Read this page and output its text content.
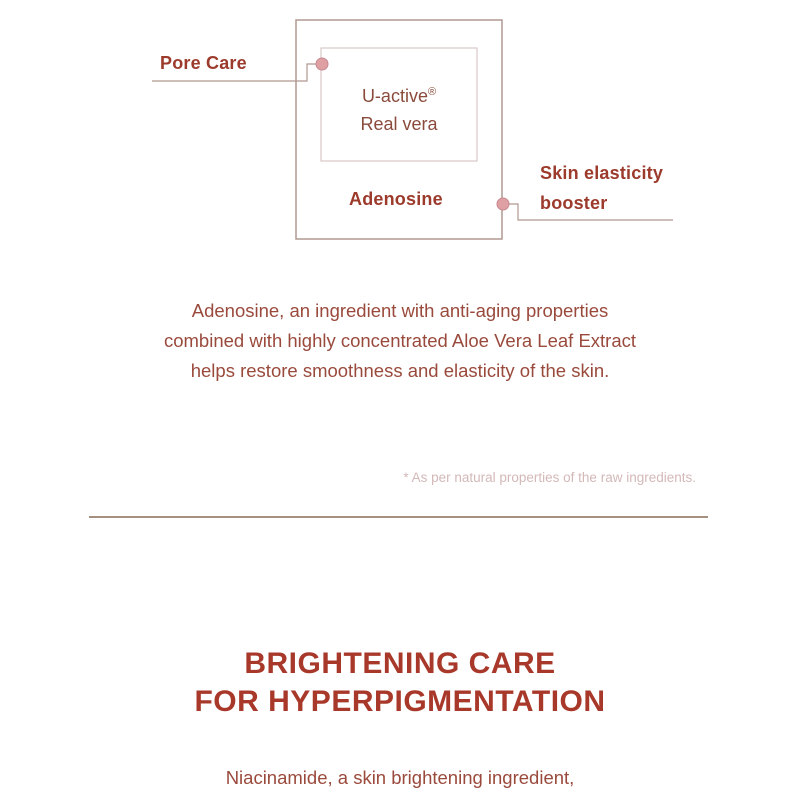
Pore Care
U-active®
Real vera
Adenosine
Skin elasticity
booster
Adenosine, an ingredient with anti-aging properties
combined with highly concentrated Aloe Vera Leaf Extract
helps restore smoothness and elasticity of the skin.
* As per natural properties of the raw ingredients.
BRIGHTENING CARE
FOR HYPERPIGMENTATION
Niacinamide, a skin brightening ingredient,
